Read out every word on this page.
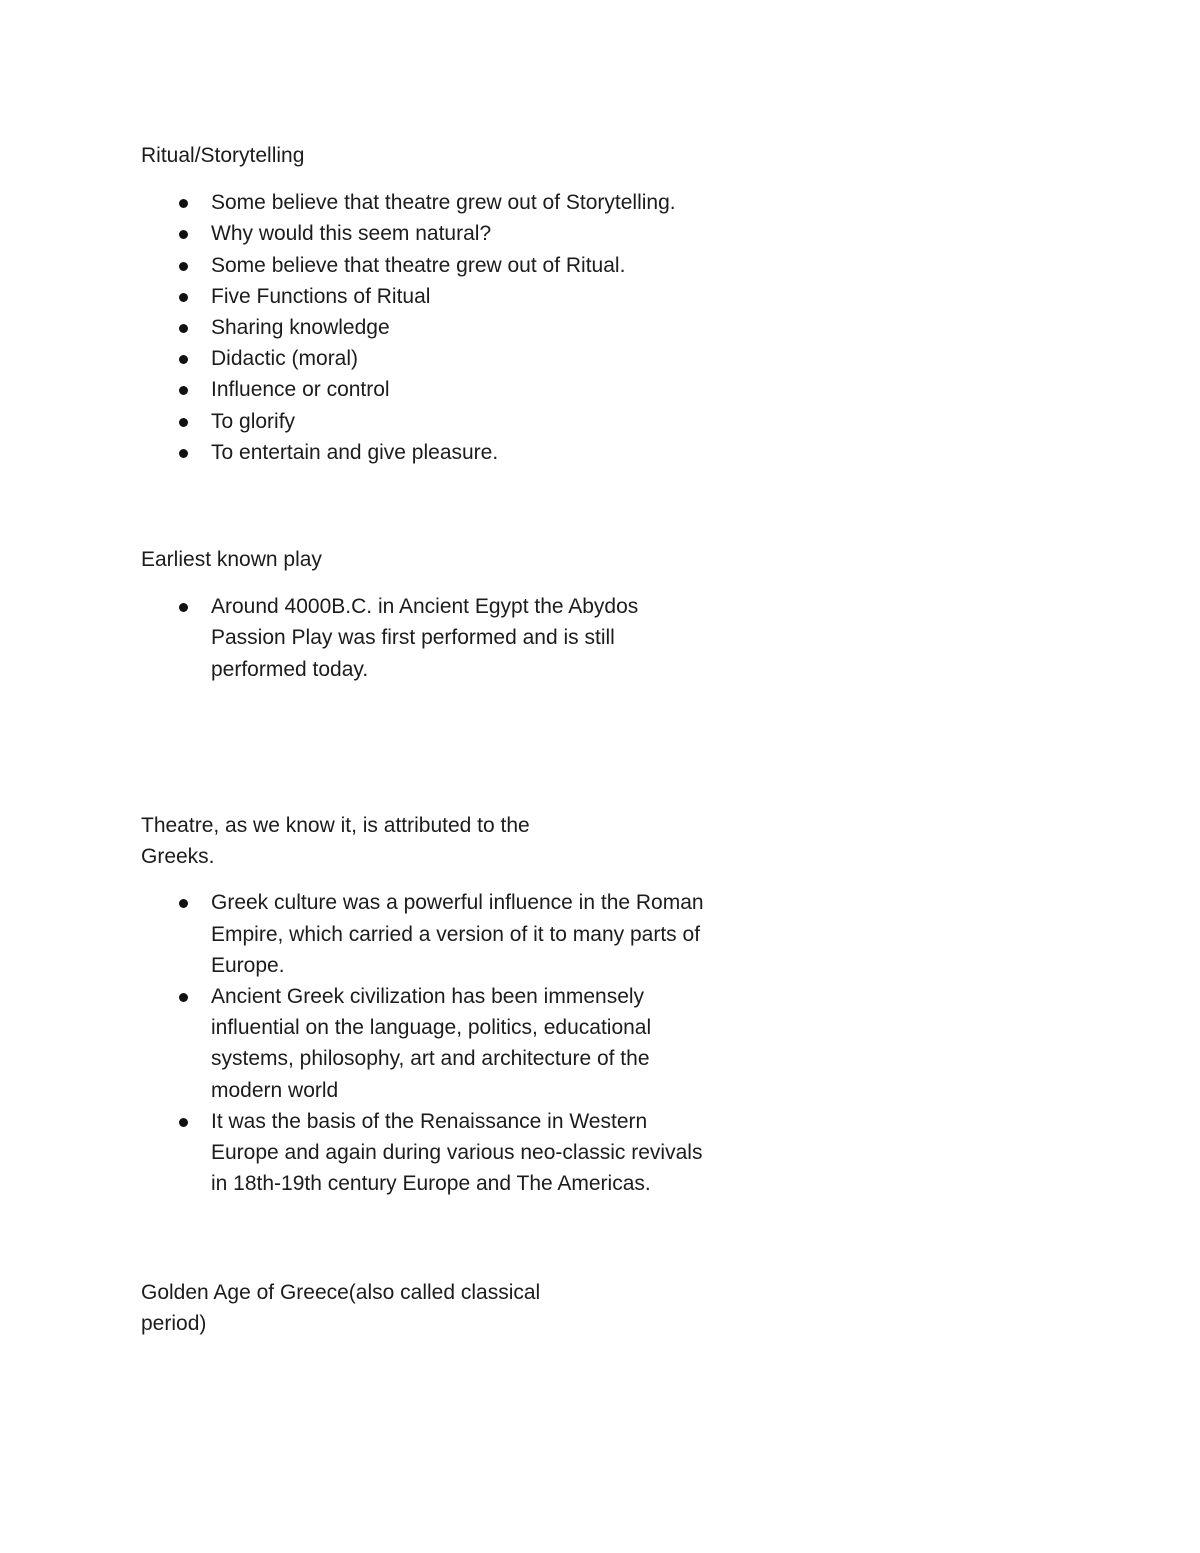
Ritual/Storytelling

Some believe that theatre grew out of Storytelling.
Why would this seem natural?
Some believe that theatre grew out of Ritual.
Five Functions of Ritual
Sharing knowledge
Didactic (moral)
Influence or control
To glorify
To entertain and give pleasure.

Earliest known play

Around 4000B.C. in Ancient Egypt the Abydos Passion Play was first performed and is still performed today.

Theatre, as we know it, is attributed to the Greeks.

Greek culture was a powerful influence in the Roman Empire, which carried a version of it to many parts of Europe.
Ancient Greek civilization has been immensely influential on the language, politics, educational systems, philosophy, art and architecture of the modern world
It was the basis of the Renaissance in Western Europe and again during various neo-classic revivals in 18th-19th century Europe and The Americas.

Golden Age of Greece(also called classical period)
